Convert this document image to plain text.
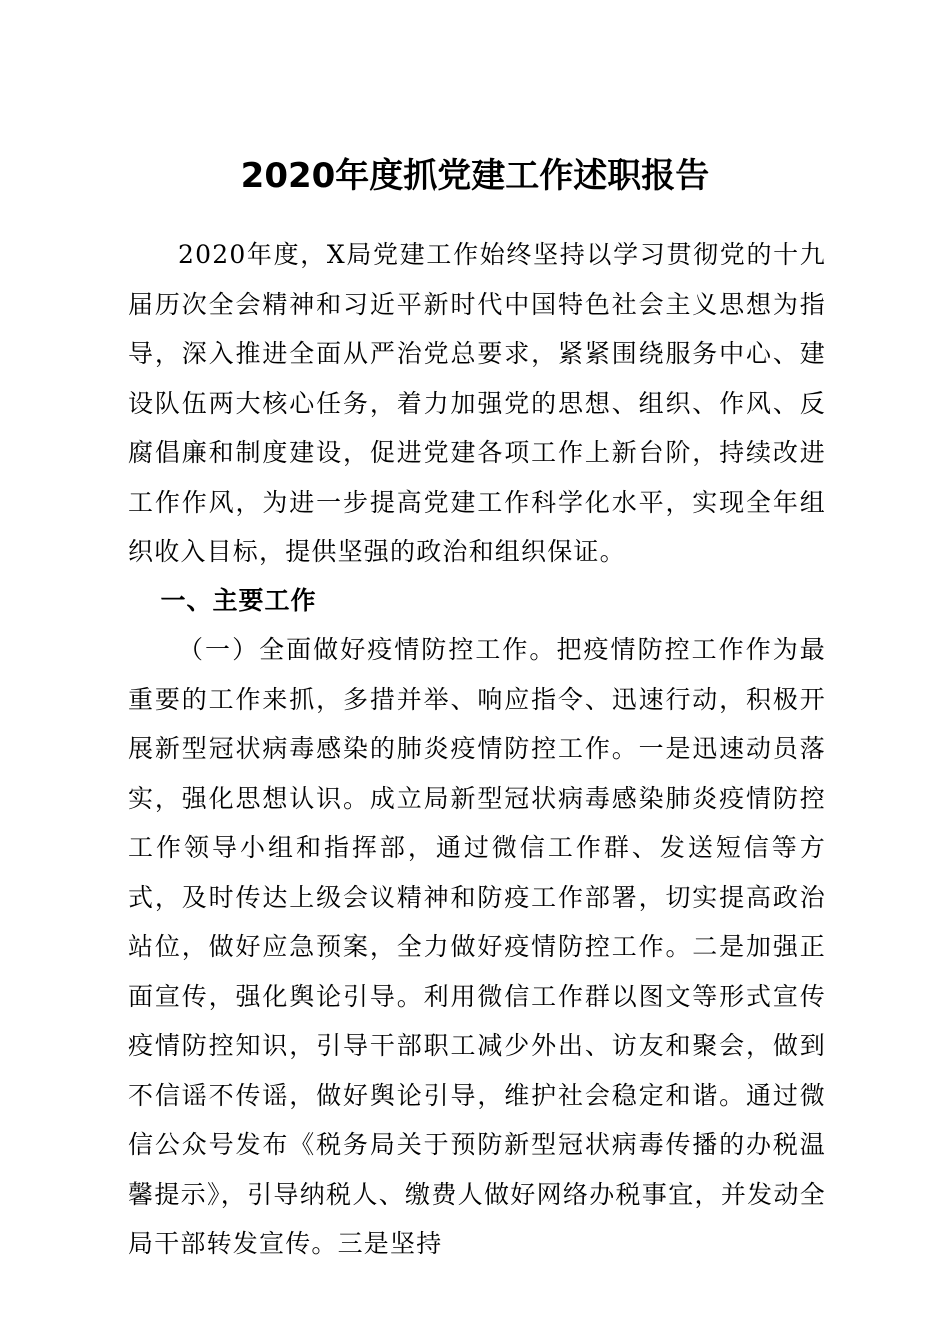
2020年度抓党建工作述职报告

2020年度，X局党建工作始终坚持以学习贯彻党的十九届历次全会精神和习近平新时代中国特色社会主义思想为指导，深入推进全面从严治党总要求，紧紧围绕服务中心、建设队伍两大核心任务，着力加强党的思想、组织、作风、反腐倡廉和制度建设，促进党建各项工作上新台阶，持续改进工作作风，为进一步提高党建工作科学化水平，实现全年组织收入目标，提供坚强的政治和组织保证。

一、主要工作

（一）全面做好疫情防控工作。把疫情防控工作作为最重要的工作来抓，多措并举、响应指令、迅速行动，积极开展新型冠状病毒感染的肺炎疫情防控工作。一是迅速动员落实，强化思想认识。成立局新型冠状病毒感染肺炎疫情防控工作领导小组和指挥部，通过微信工作群、发送短信等方式，及时传达上级会议精神和防疫工作部署，切实提高政治站位，做好应急预案，全力做好疫情防控工作。二是加强正面宣传，强化舆论引导。利用微信工作群以图文等形式宣传疫情防控知识，引导干部职工减少外出、访友和聚会，做到不信谣不传谣，做好舆论引导，维护社会稳定和谐。通过微信公众号发布《税务局关于预防新型冠状病毒传播的办税温馨提示》，引导纳税人、缴费人做好网络办税事宜，并发动全局干部转发宣传。三是坚持
